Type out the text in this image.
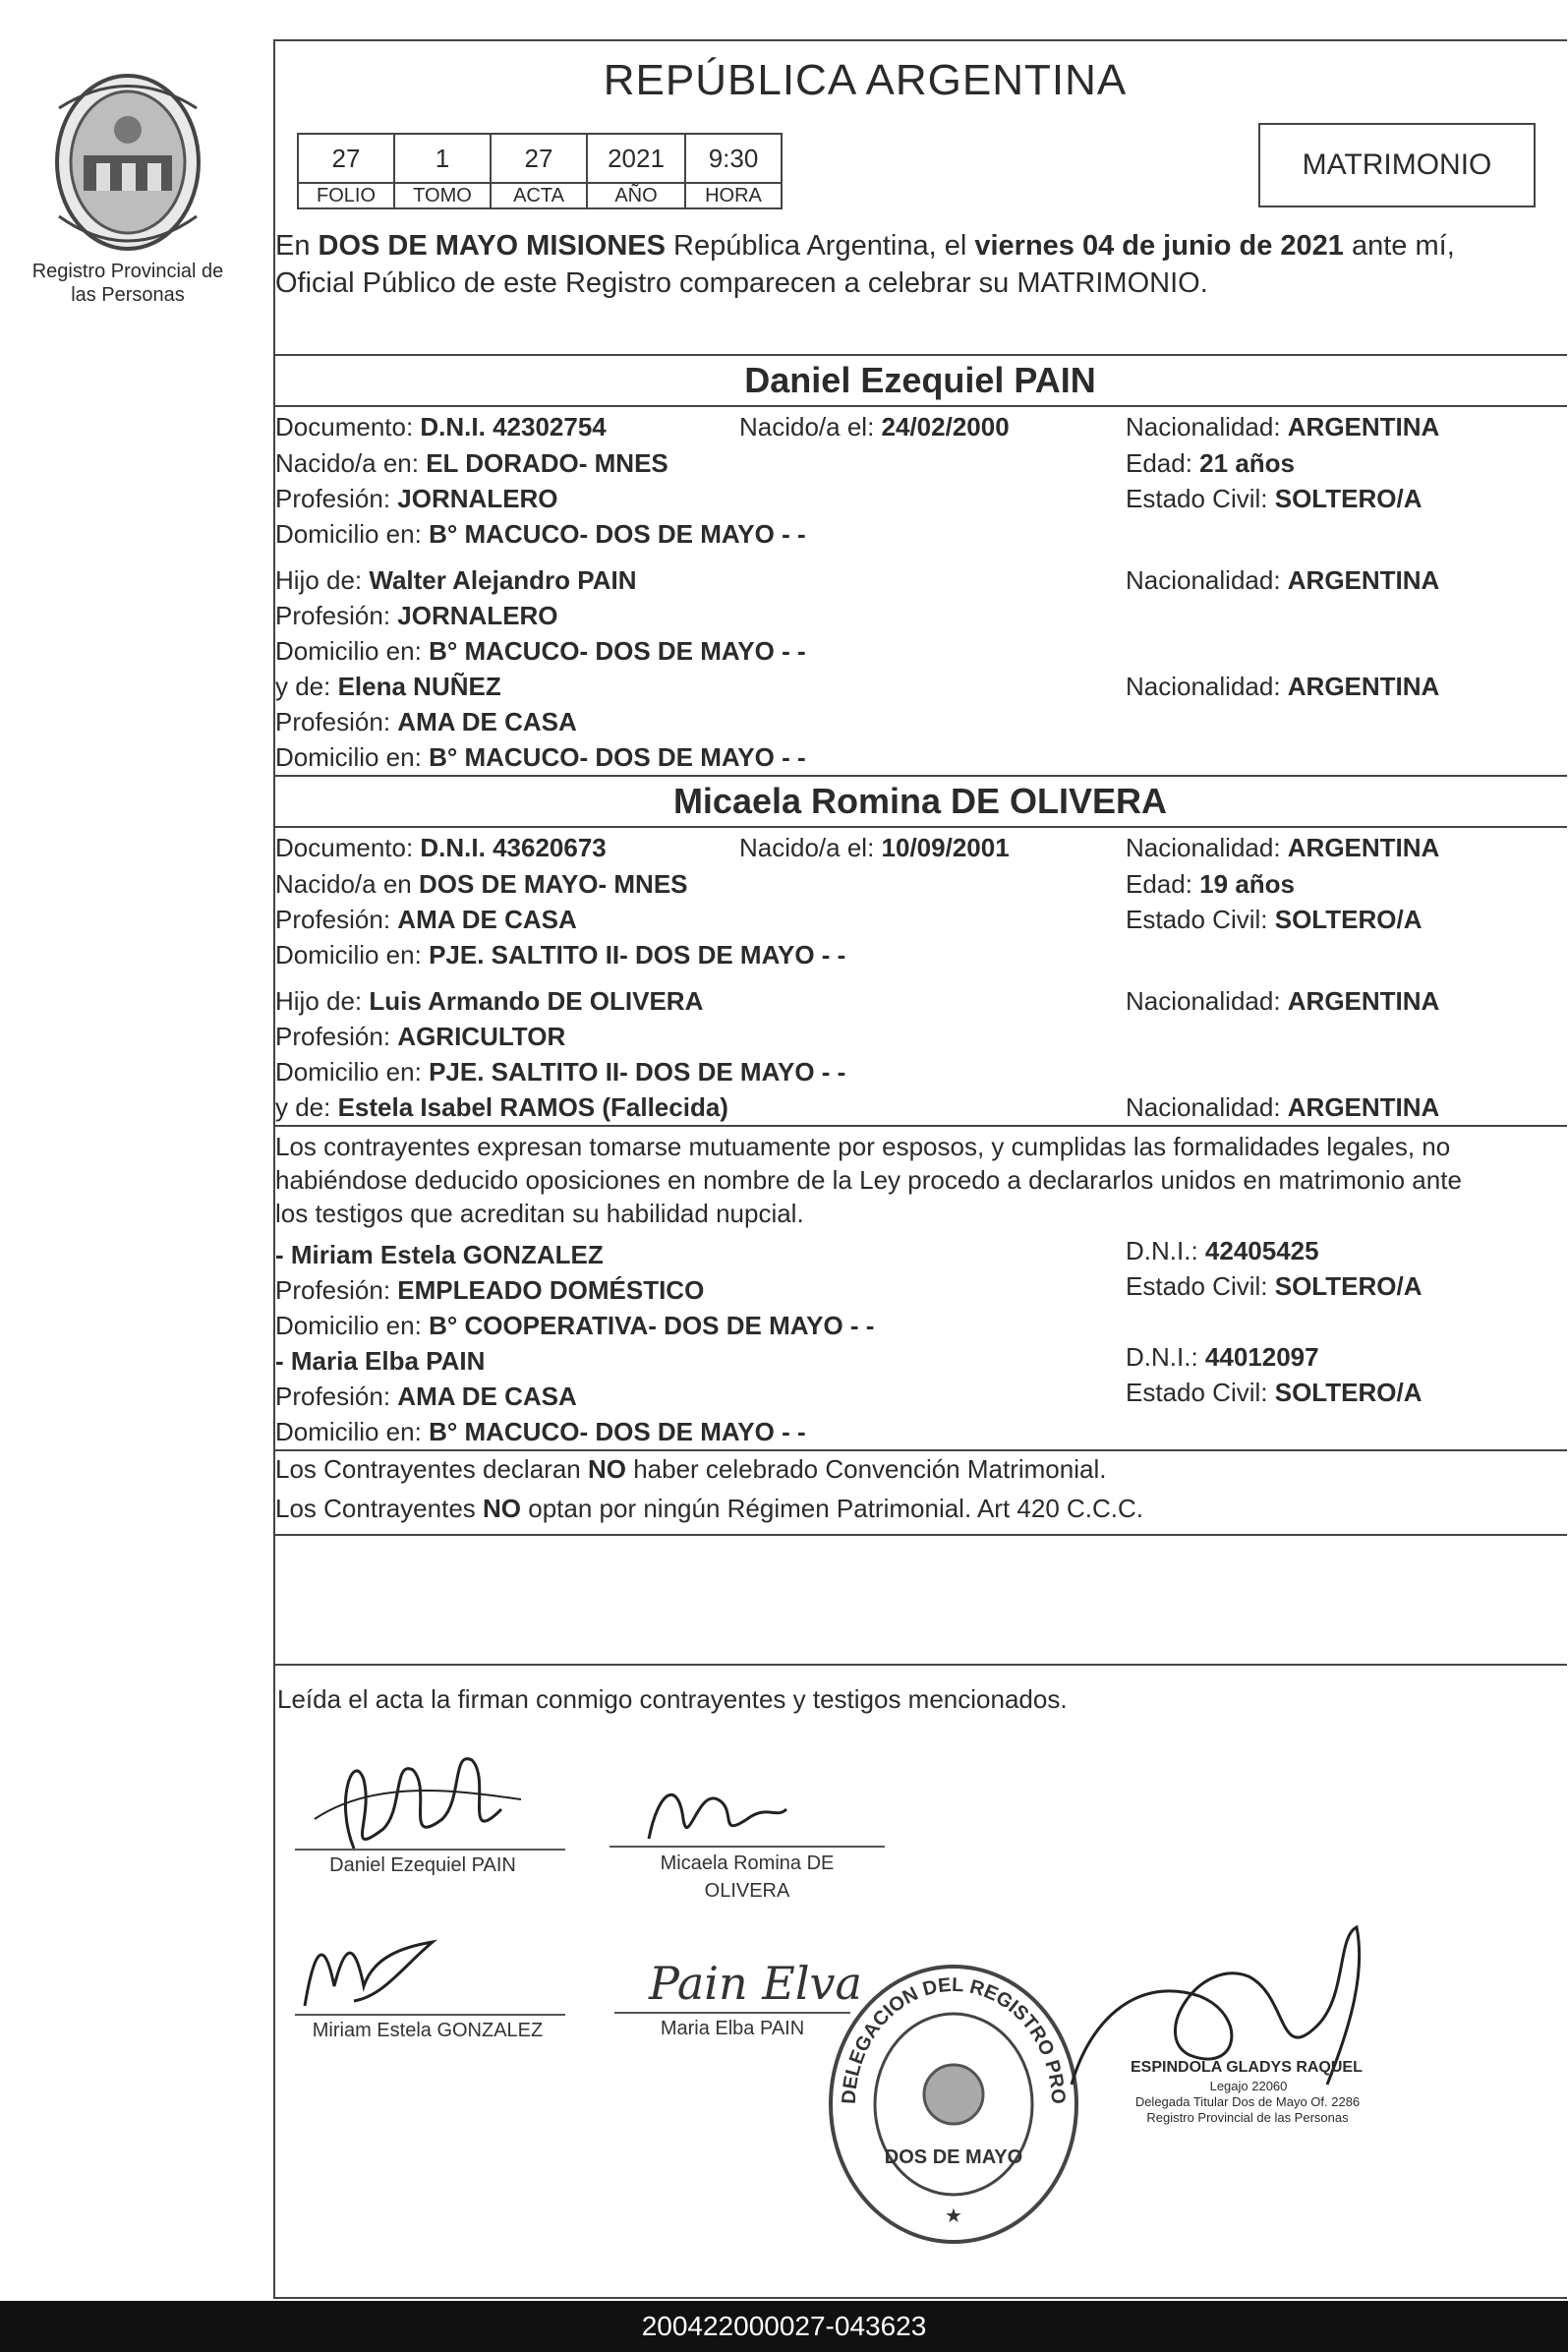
Registro Provincial de las Personas
REPÚBLICA ARGENTINA
27	1	27	2021	9:30
FOLIO	TOMO	ACTA	AÑO	HORA
MATRIMONIO
En DOS DE MAYO MISIONES República Argentina, el viernes 04 de junio de 2021 ante mí,
Oficial Público de este Registro comparecen a celebrar su MATRIMONIO.
Daniel Ezequiel PAIN
Documento: D.N.I. 42302754	Nacido/a el: 24/02/2000	Nacionalidad: ARGENTINA
Nacido/a en: EL DORADO- MNES	Edad: 21 años
Profesión: JORNALERO	Estado Civil: SOLTERO/A
Domicilio en: B° MACUCO- DOS DE MAYO - -
Hijo de: Walter Alejandro PAIN	Nacionalidad: ARGENTINA
Profesión: JORNALERO
Domicilio en: B° MACUCO- DOS DE MAYO - -
y de: Elena NUÑEZ	Nacionalidad: ARGENTINA
Profesión: AMA DE CASA
Domicilio en: B° MACUCO- DOS DE MAYO - -
Micaela Romina DE OLIVERA
Documento: D.N.I. 43620673	Nacido/a el: 10/09/2001	Nacionalidad: ARGENTINA
Nacido/a en DOS DE MAYO- MNES	Edad: 19 años
Profesión: AMA DE CASA	Estado Civil: SOLTERO/A
Domicilio en: PJE. SALTITO II- DOS DE MAYO - -
Hijo de: Luis Armando DE OLIVERA	Nacionalidad: ARGENTINA
Profesión: AGRICULTOR
Domicilio en: PJE. SALTITO II- DOS DE MAYO - -
y de: Estela Isabel RAMOS (Fallecida)	Nacionalidad: ARGENTINA
Los contrayentes expresan tomarse mutuamente por esposos, y cumplidas las formalidades legales, no
habiéndose deducido oposiciones en nombre de la Ley procedo a declararlos unidos en matrimonio ante
los testigos que acreditan su habilidad nupcial.
- Miriam Estela GONZALEZ	D.N.I.: 42405425
Profesión: EMPLEADO DOMÉSTICO	Estado Civil: SOLTERO/A
Domicilio en: B° COOPERATIVA- DOS DE MAYO - -
- Maria Elba PAIN	D.N.I.: 44012097
Profesión: AMA DE CASA	Estado Civil: SOLTERO/A
Domicilio en: B° MACUCO- DOS DE MAYO - -
Los Contrayentes declaran NO haber celebrado Convención Matrimonial.
Los Contrayentes NO optan por ningún Régimen Patrimonial. Art 420 C.C.C.
Leída el acta la firman conmigo contrayentes y testigos mencionados.
Daniel Ezequiel PAIN	Micaela Romina DE
OLIVERA
Miriam Estela GONZALEZ
Pain Elva
Maria Elba PAIN
DELEGACION DEL REGISTRO PRO
DOS DE MAYO
★
ESPINDOLA GLADYS RAQUEL
Legajo 22060
Delegada Titular Dos de Mayo Of. 2286
Registro Provincial de las Personas
200422000027-043623
